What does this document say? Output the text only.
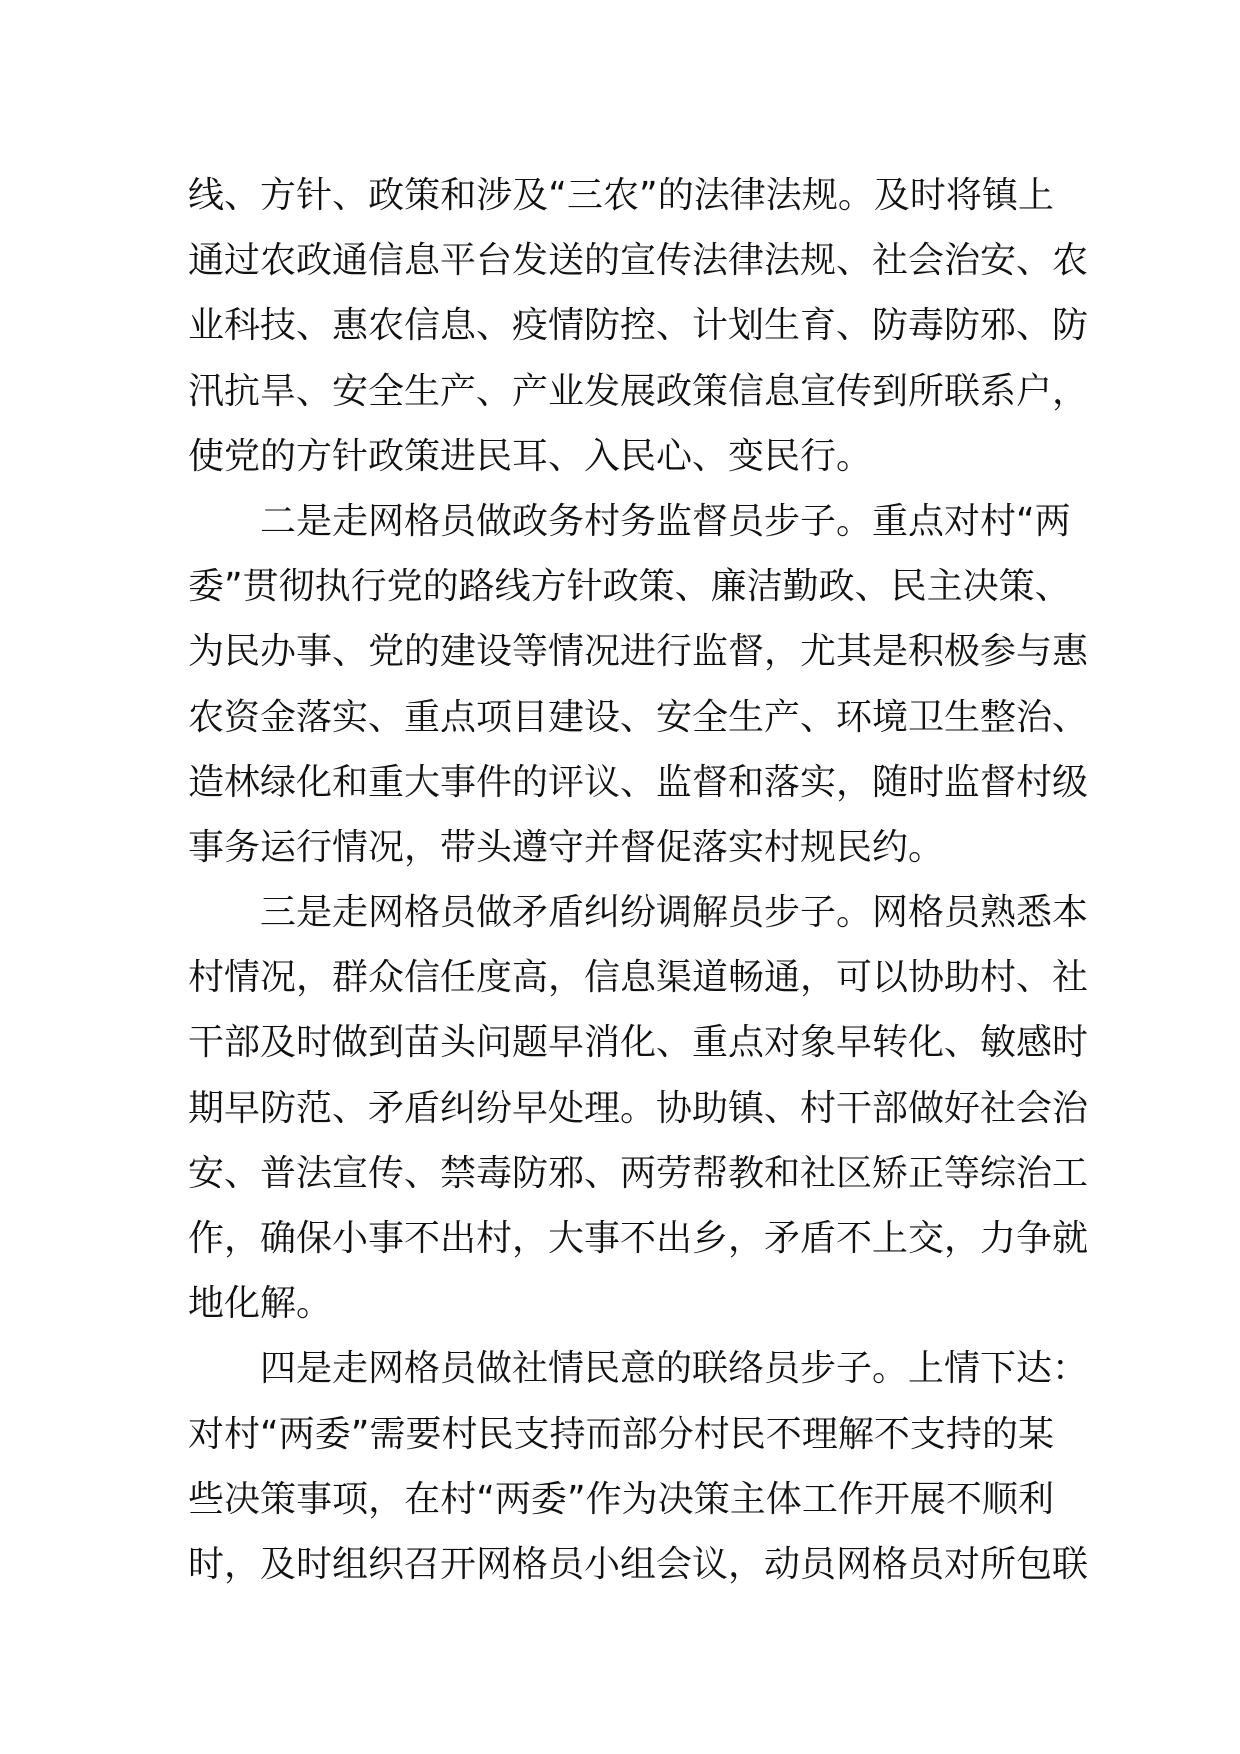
线、方针、政策和涉及“三农”的法律法规。及时将镇上
通过农政通信息平台发送的宣传法律法规、社会治安、农
业科技、惠农信息、疫情防控、计划生育、防毒防邪、防
汛抗旱、安全生产、产业发展政策信息宣传到所联系户，
使党的方针政策进民耳、入民心、变民行。
二是走网格员做政务村务监督员步子。重点对村“两
委”贯彻执行党的路线方针政策、廉洁勤政、民主决策、
为民办事、党的建设等情况进行监督，尤其是积极参与惠
农资金落实、重点项目建设、安全生产、环境卫生整治、
造林绿化和重大事件的评议、监督和落实，随时监督村级
事务运行情况，带头遵守并督促落实村规民约。
三是走网格员做矛盾纠纷调解员步子。网格员熟悉本
村情况，群众信任度高，信息渠道畅通，可以协助村、社
干部及时做到苗头问题早消化、重点对象早转化、敏感时
期早防范、矛盾纠纷早处理。协助镇、村干部做好社会治
安、普法宣传、禁毒防邪、两劳帮教和社区矫正等综治工
作，确保小事不出村，大事不出乡，矛盾不上交，力争就
地化解。
四是走网格员做社情民意的联络员步子。上情下达：
对村“两委”需要村民支持而部分村民不理解不支持的某
些决策事项，在村“两委”作为决策主体工作开展不顺利
时，及时组织召开网格员小组会议，动员网格员对所包联
